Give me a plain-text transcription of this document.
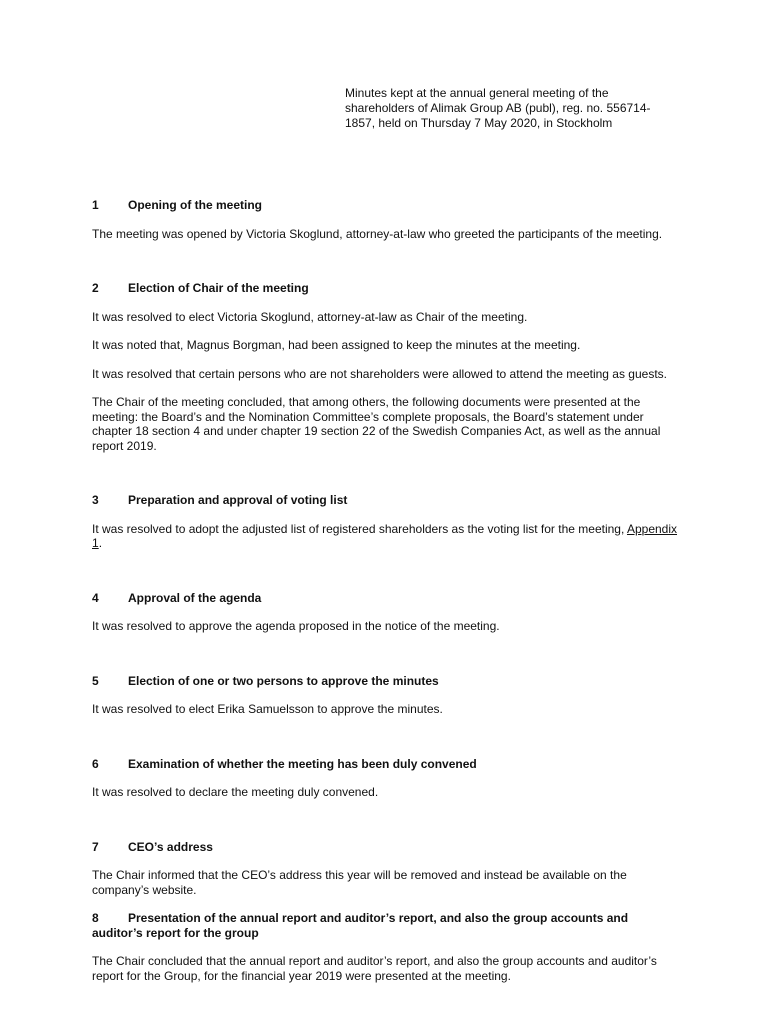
Minutes kept at the annual general meeting of the
shareholders of Alimak Group AB (publ), reg. no. 556714-
1857, held on Thursday 7 May 2020, in Stockholm
1	Opening of the meeting

The meeting was opened by Victoria Skoglund, attorney-at-law who greeted the participants of the meeting.

2	Election of Chair of the meeting

It was resolved to elect Victoria Skoglund, attorney-at-law as Chair of the meeting.

It was noted that, Magnus Borgman, had been assigned to keep the minutes at the meeting.

It was resolved that certain persons who are not shareholders were allowed to attend the meeting as guests.

The Chair of the meeting concluded, that among others, the following documents were presented at the meeting: the Board’s and the Nomination Committee’s complete proposals, the Board’s statement under chapter 18 section 4 and under chapter 19 section 22 of the Swedish Companies Act, as well as the annual report 2019.

3	Preparation and approval of voting list

It was resolved to adopt the adjusted list of registered shareholders as the voting list for the meeting, Appendix 1.

4	Approval of the agenda

It was resolved to approve the agenda proposed in the notice of the meeting.

5	Election of one or two persons to approve the minutes

It was resolved to elect Erika Samuelsson to approve the minutes.

6	Examination of whether the meeting has been duly convened

It was resolved to declare the meeting duly convened.

7	CEO’s address

The Chair informed that the CEO’s address this year will be removed and instead be available on the company’s website.

8 Presentation of the annual report and auditor’s report, and also the group accounts and auditor’s report for the group

The Chair concluded that the annual report and auditor’s report, and also the group accounts and auditor’s report for the Group, for the financial year 2019 were presented at the meeting.
